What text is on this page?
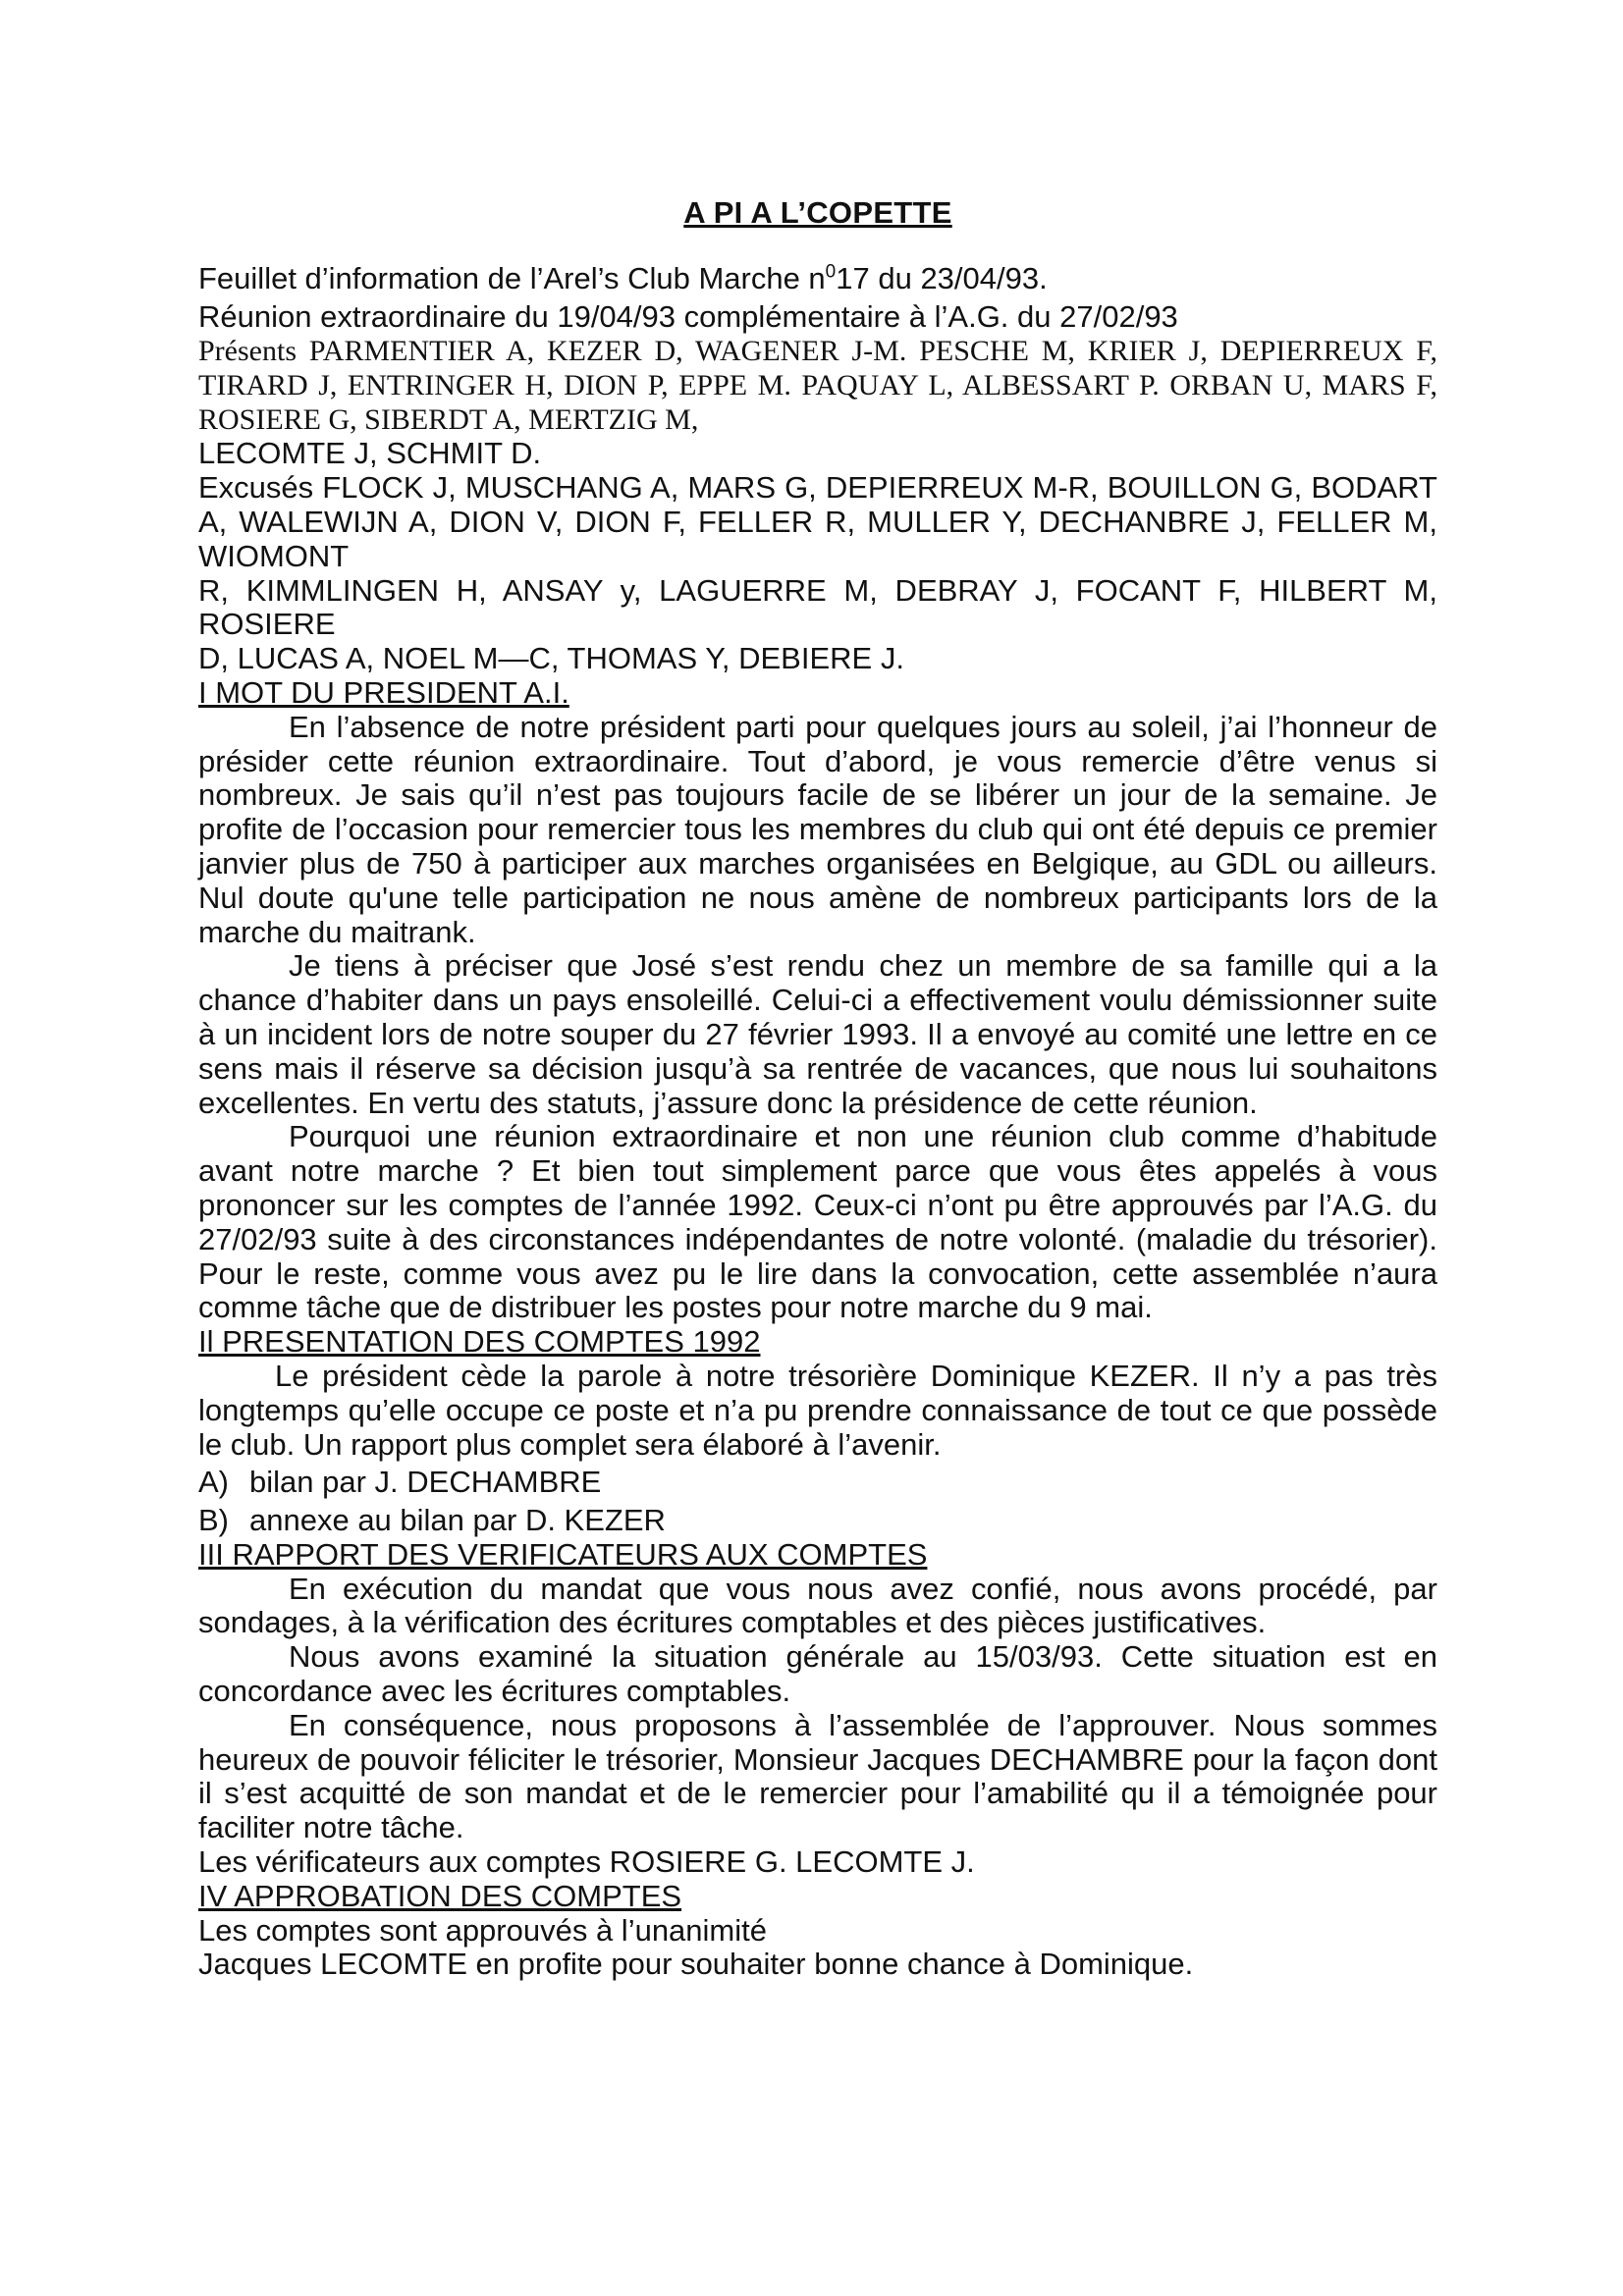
A PI A L’COPETTE

Feuillet d’information de l’Arel’s Club Marche $n^017$ du 23/04/93.

Réunion extraordinaire du 19/04/93 complémentaire à l’A.G. du 27/02/93

Présents PARMENTIER A, KEZER D, WAGENER J-M. PESCHE M, KRIER J, DEPIERREUX F, TIRARD J, ENTRINGER H, DION P, EPPE M. PAQUAY L, ALBESSART P. ORBAN U, MARS F, ROSIERE G, SIBERDT A, MERTZIG M,

LECOMTE J, SCHMIT D.

Excusés FLOCK J, MUSCHANG A, MARS G, DEPIERREUX M-R, BOUILLON G, BODART A, WALEWIJN A, DION V, DION F, FELLER R, MULLER Y, DECHANBRE J, FELLER M, WIOMONT

R, KIMMLINGEN H, ANSAY y, LAGUERRE M, DEBRAY J, FOCANT F, HILBERT M, ROSIERE

D, LUCAS A, NOEL M—C, THOMAS Y, DEBIERE J.

I MOT DU PRESIDENT A.I.

En l’absence de notre président parti pour quelques jours au soleil, j’ai l’honneur de présider cette réunion extraordinaire. Tout d’abord, je vous remercie d’être venus si nombreux. Je sais qu’il n’est pas toujours facile de se libérer un jour de la semaine. Je profite de l’occasion pour remercier tous les membres du club qui ont été depuis ce premier janvier plus de 750 à participer aux marches organisées en Belgique, au GDL ou ailleurs. Nul doute qu'une telle participation ne nous amène de nombreux participants lors de la marche du maitrank.

Je tiens à préciser que José s’est rendu chez un membre de sa famille qui a la chance d’habiter dans un pays ensoleillé. Celui-ci a effectivement voulu démissionner suite à un incident lors de notre souper du 27 février 1993. Il a envoyé au comité une lettre en ce sens mais il réserve sa décision jusqu’à sa rentrée de vacances, que nous lui souhaitons excellentes. En vertu des statuts, j’assure donc la présidence de cette réunion.

Pourquoi une réunion extraordinaire et non une réunion club comme d’habitude avant notre marche ? Et bien tout simplement parce que vous êtes appelés à vous prononcer sur les comptes de l’année 1992. Ceux-ci n’ont pu être approuvés par l’A.G. du 27/02/93 suite à des circonstances indépendantes de notre volonté. (maladie du trésorier). Pour le reste, comme vous avez pu le lire dans la convocation, cette assemblée n’aura comme tâche que de distribuer les postes pour notre marche du 9 mai.

Il PRESENTATION DES COMPTES 1992

Le président cède la parole à notre trésorière Dominique KEZER. Il n’y a pas très longtemps qu’elle occupe ce poste et n’a pu prendre connaissance de tout ce que possède le club. Un rapport plus complet sera élaboré à l’avenir.

A) bilan par J. DECHAMBRE

B) annexe au bilan par D. KEZER

III RAPPORT DES VERIFICATEURS AUX COMPTES

En exécution du mandat que vous nous avez confié, nous avons procédé, par sondages, à la vérification des écritures comptables et des pièces justificatives.

Nous avons examiné la situation générale au 15/03/93. Cette situation est en concordance avec les écritures comptables.

En conséquence, nous proposons à l’assemblée de l’approuver. Nous sommes heureux de pouvoir féliciter le trésorier, Monsieur Jacques DECHAMBRE pour la façon dont il s’est acquitté de son mandat et de le remercier pour l’amabilité qu il a témoignée pour faciliter notre tâche.

Les vérificateurs aux comptes ROSIERE G. LECOMTE J.

IV APPROBATION DES COMPTES

Les comptes sont approuvés à l’unanimité

Jacques LECOMTE en profite pour souhaiter bonne chance à Dominique.
